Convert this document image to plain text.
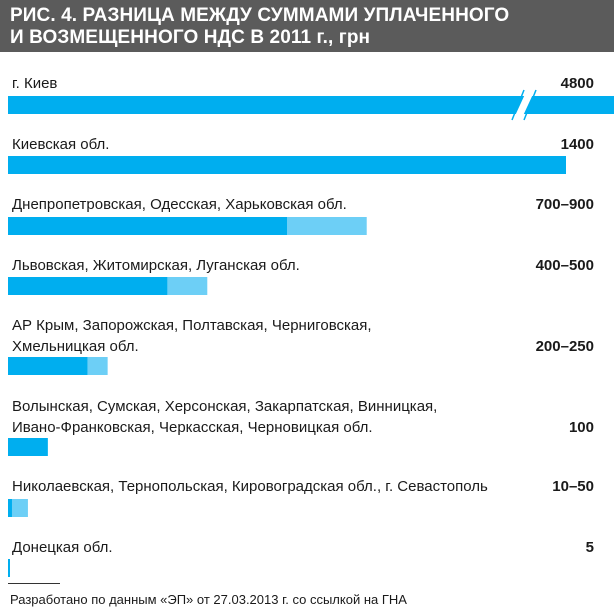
РИС. 4. РАЗНИЦА МЕЖДУ СУММАМИ УПЛАЧЕННОГО
И ВОЗМЕЩЕННОГО НДС В 2011 г., грн
г. Киев	4800
Киевская обл.	1400
Днепропетровская, Одесская, Харьковская обл.	700–900
Львовская, Житомирская, Луганская обл.	400–500
АР Крым, Запорожская, Полтавская, Черниговская,
Хмельницкая обл.	200–250
Волынская, Сумская, Херсонская, Закарпатская, Винницкая,
Ивано-Франковская, Черкасская, Черновицкая обл.	100
Николаевская, Тернопольская, Кировоградская обл., г. Севастополь	10–50
Донецкая обл.	5
Разработано по данным «ЭП» от 27.03.2013 г. со ссылкой на ГНА
